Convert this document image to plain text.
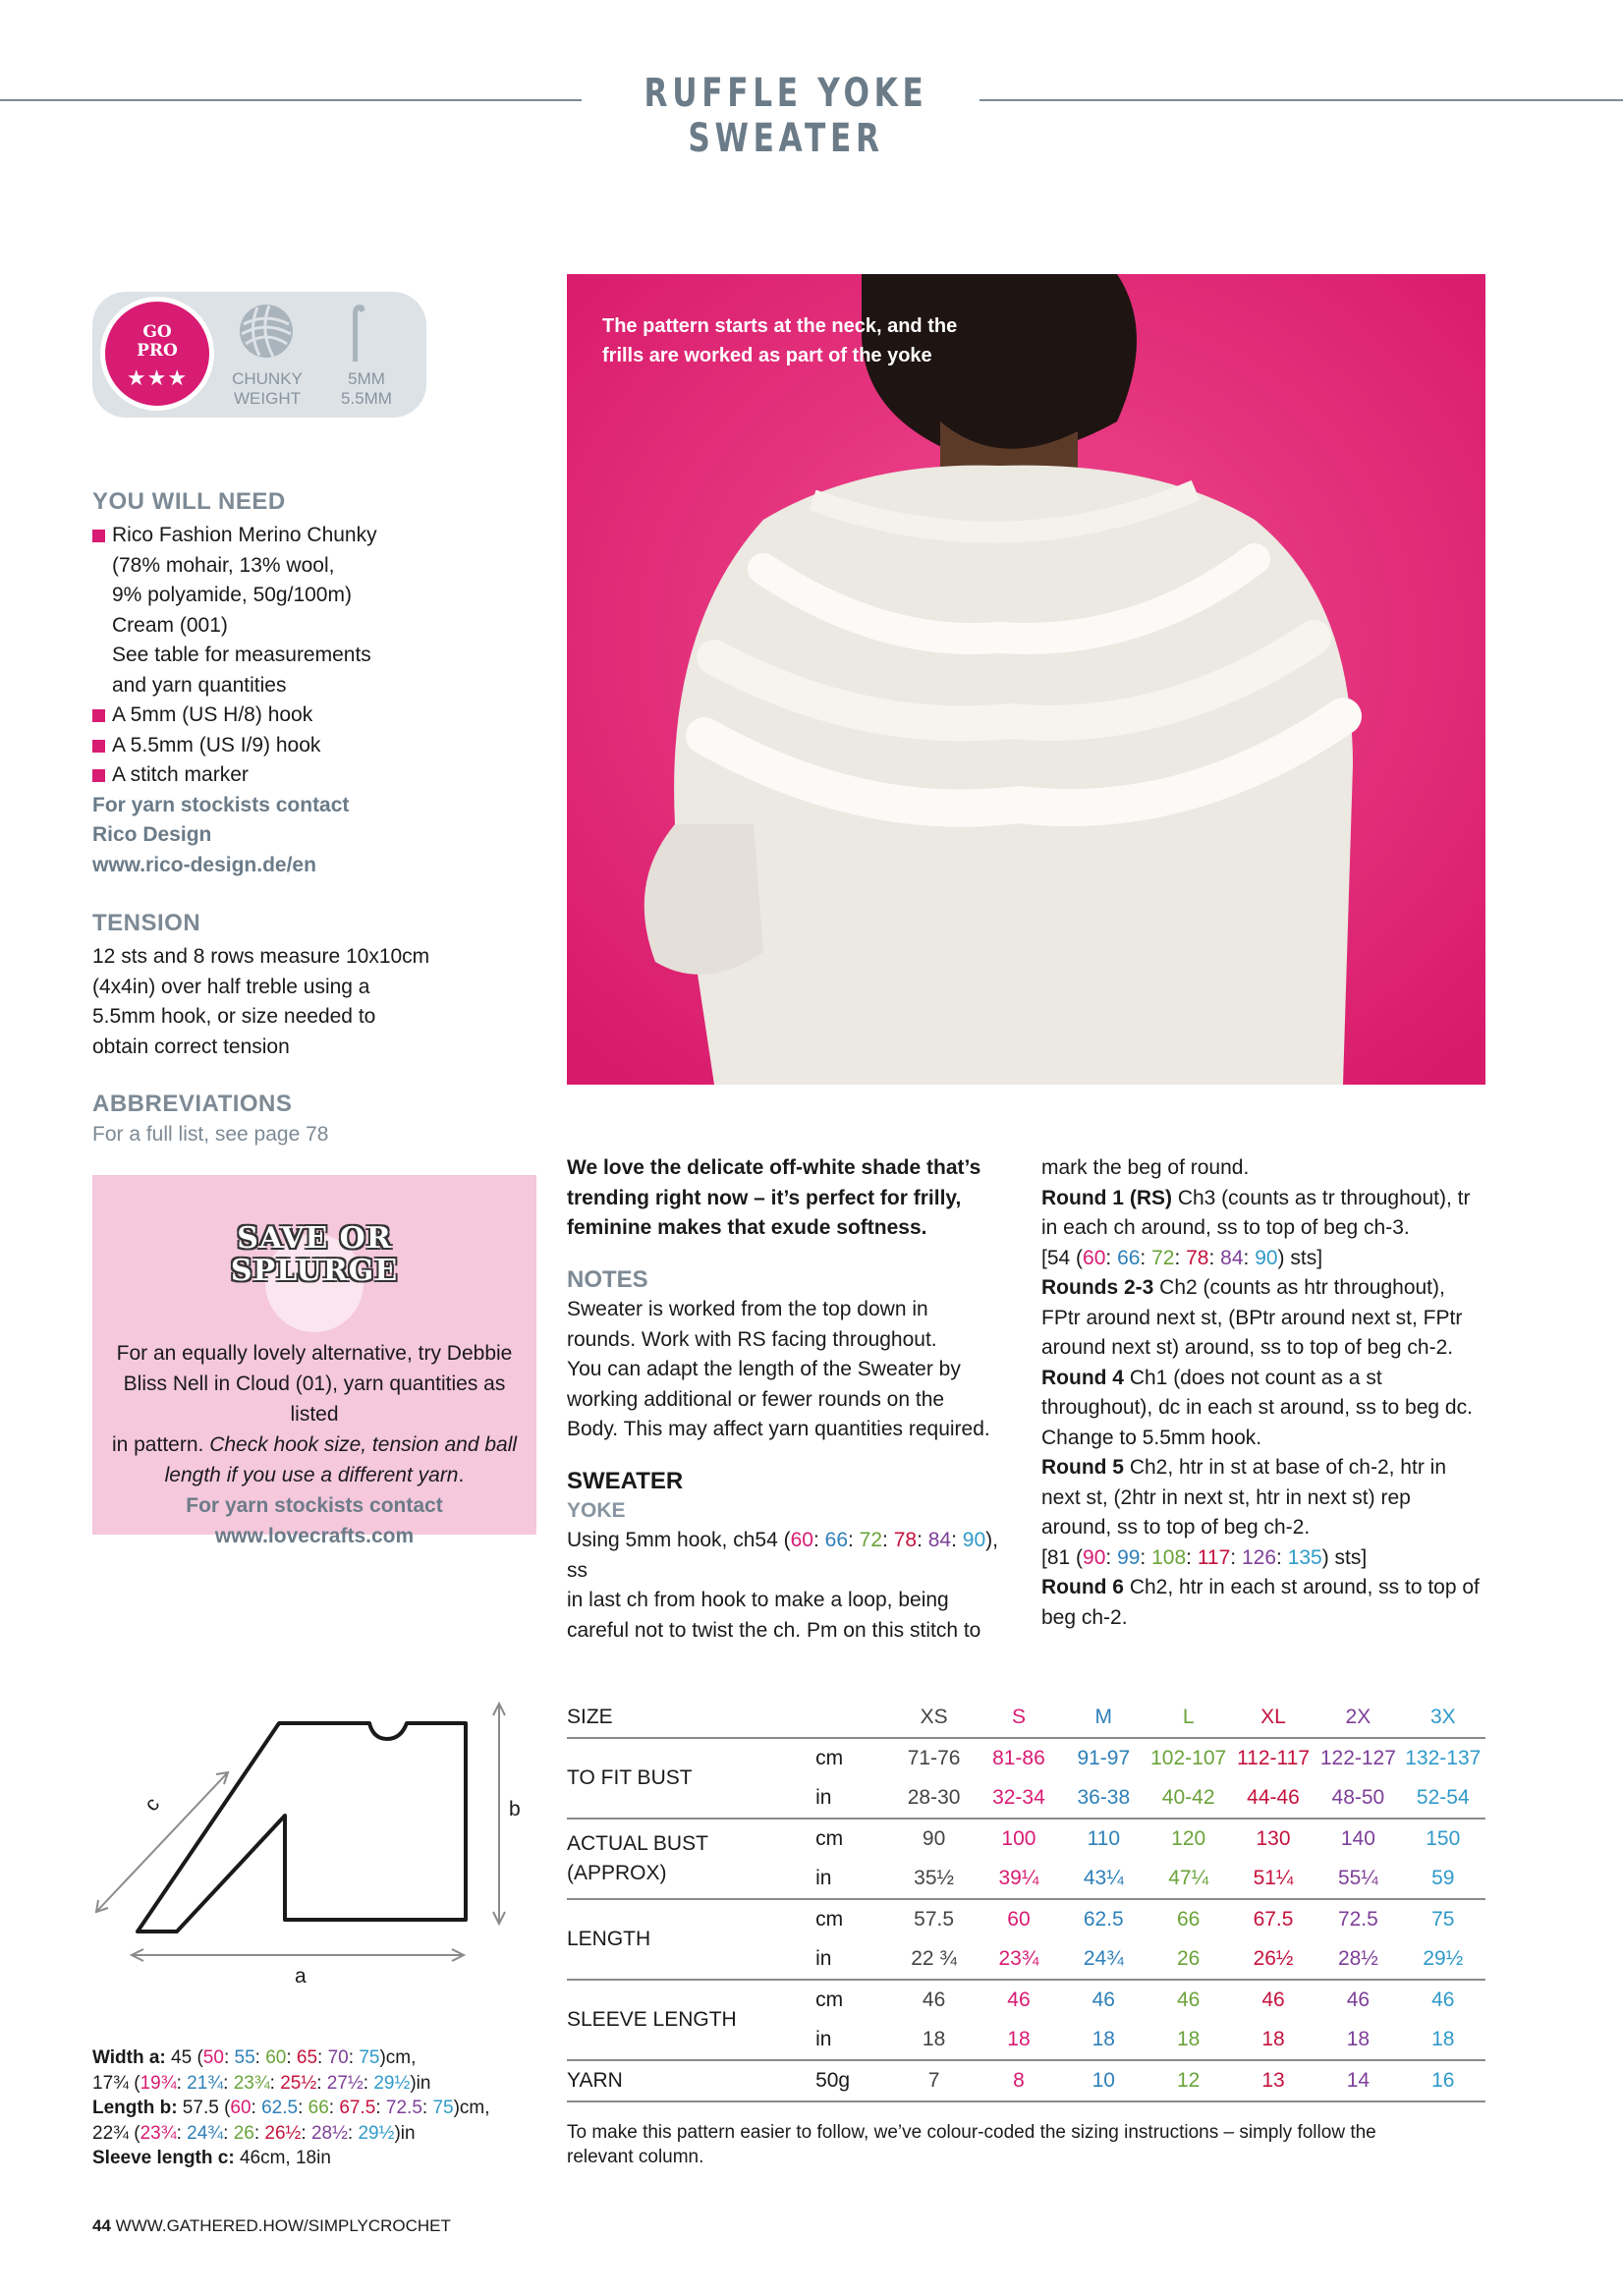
RUFFLE YOKE SWEATER
GO
PRO
★★★	CHUNKY
WEIGHT
5MM
5.5MM
YOU WILL NEED
Rico Fashion Merino Chunky
(78% mohair, 13% wool,
9% polyamide, 50g/100m)
Cream (001)
See table for measurements
and yarn quantities
A 5mm (US H/8) hook
A 5.5mm (US I/9) hook
A stitch marker
For yarn stockists contact
Rico Design
www.rico-design.de/en
TENSION
12 sts and 8 rows measure 10x10cm
(4x4in) over half treble using a
5.5mm hook, or size needed to
obtain correct tension
ABBREVIATIONS
For a full list, see page 78
SAVE OR
SPLURGE
For an equally lovely alternative, try Debbie
Bliss Nell in Cloud (01), yarn quantities as listed
in pattern. Check hook size, tension and ball
length if you use a different yarn.
For yarn stockists contact
www.lovecrafts.com
The pattern starts at the neck, and the
frills are worked as part of the yoke
We love the delicate off-white shade that’s
trending right now – it’s perfect for frilly,
feminine makes that exude softness.
NOTES
Sweater is worked from the top down in
rounds. Work with RS facing throughout.
You can adapt the length of the Sweater by
working additional or fewer rounds on the
Body. This may affect yarn quantities required.
SWEATER
YOKE
Using 5mm hook, ch54 (60: 66: 72: 78: 84: 90), ss
in last ch from hook to make a loop, being
careful not to twist the ch. Pm on this stitch to
mark the beg of round.
Round 1 (RS) Ch3 (counts as tr throughout), tr
in each ch around, ss to top of beg ch-3.
[54 (60: 66: 72: 78: 84: 90) sts]
Rounds 2-3 Ch2 (counts as htr throughout),
FPtr around next st, (BPtr around next st, FPtr
around next st) around, ss to top of beg ch-2.
Round 4 Ch1 (does not count as a st
throughout), dc in each st around, ss to beg dc.
Change to 5.5mm hook.
Round 5 Ch2, htr in st at base of ch-2, htr in
next st, (2htr in next st, htr in next st) rep
around, ss to top of beg ch-2.
[81 (90: 99: 108: 117: 126: 135) sts]
Round 6 Ch2, htr in each st around, ss to top of
beg ch-2.
c	b
a
Width a: 45 (50: 55: 60: 65: 70: 75)cm,
17¾ (19¾: 21¾: 23¾: 25½: 27½: 29½)in
Length b: 57.5 (60: 62.5: 66: 67.5: 72.5: 75)cm,
22¾ (23¾: 24¾: 26: 26½: 28½: 29½)in
Sleeve length c: 46cm, 18in
SIZE		XS	S	M	L	XL	2X	3X
TO FIT BUST	cm	71-76	81-86	91-97	102-107	112-117	122-127	132-137
	in	28-30	32-34	36-38	40-42	44-46	48-50	52-54
ACTUAL BUST
(APPROX)	cm	90	100	110	120	130	140	150
	in	35½	39¼	43¼	47¼	51¼	55¼	59
LENGTH	cm	57.5	60	62.5	66	67.5	72.5	75
	in	22 ¾	23¾	24¾	26	26½	28½	29½
SLEEVE LENGTH	cm	46	46	46	46	46	46	46
	in	18	18	18	18	18	18	18
YARN	50g	7	8	10	12	13	14	16
To make this pattern easier to follow, we’ve colour-coded the sizing instructions – simply follow the
relevant column.
44 WWW.GATHERED.HOW/SIMPLYCROCHET
